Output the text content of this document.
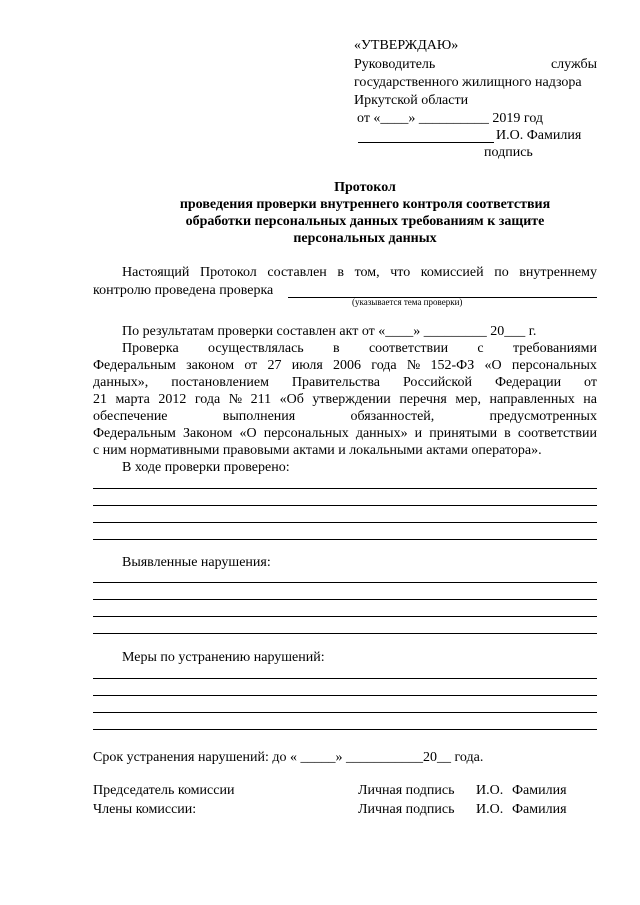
«УТВЕРЖДАЮ»
Руководитель	службы
государственного жилищного надзора
Иркутской области
от «____» __________ 2019 год
И.О. Фамилия
подпись
Протокол
проведения проверки внутреннего контроля соответствия
обработки персональных данных требованиям к защите
персональных данных
Настоящий Протокол составлен в том, что комиссией по внутреннему
контролю проведена проверка
(указывается тема проверки)
По результатам проверки составлен акт от «____» _________ 20___ г.
Проверка осуществлялась в соответствии с требованиями
Федеральным законом от 27 июля 2006 года № 152-ФЗ «О персональных
данных», постановлением Правительства Российской Федерации от
21 марта 2012 года № 211 «Об утверждении перечня мер, направленных на
обеспечение	выполнения	обязанностей,	предусмотренных
Федеральным Законом «О персональных данных» и принятыми в соответствии
с ним нормативными правовыми актами и локальными актами оператора».
В ходе проверки проверено:
Выявленные нарушения:
Меры по устранению нарушений:
Срок устранения нарушений: до « _____» ___________20__ года.
Председатель комиссии	Личная подпись И.О. Фамилия
Члены комиссии:	Личная подпись И.О. Фамилия
